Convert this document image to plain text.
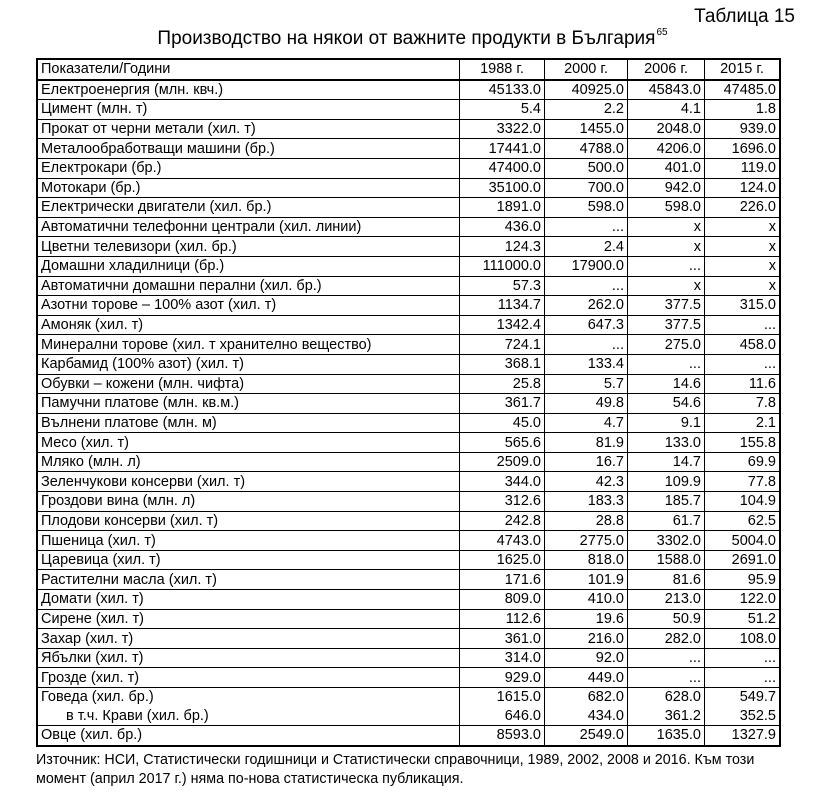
Таблица 15
Производство на някои от важните продукти в България$^{65}$
Показатели/Години	1988 г.	2000 г.	2006 г.	2015 г.
Електроенергия (млн. квч.)	45133.0	40925.0	45843.0	47485.0
Цимент (млн. т)	5.4	2.2	4.1	1.8
Прокат от черни метали (хил. т)	3322.0	1455.0	2048.0	939.0
Металообработващи машини (бр.)	17441.0	4788.0	4206.0	1696.0
Електрокари (бр.)	47400.0	500.0	401.0	119.0
Мотокари (бр.)	35100.0	700.0	942.0	124.0
Електрически двигатели (хил. бр.)	1891.0	598.0	598.0	226.0
Автоматични телефонни централи (хил. линии)	436.0	...	x	x
Цветни телевизори (хил. бр.)	124.3	2.4	x	x
Домашни хладилници (бр.)	111000.0	17900.0	...	x
Автоматични домашни перални (хил. бр.)	57.3	...	x	x
Азотни торове – 100% азот (хил. т)	1134.7	262.0	377.5	315.0
Амоняк (хил. т)	1342.4	647.3	377.5	...
Минерални торове (хил. т хранително вещество)	724.1	...	275.0	458.0
Карбамид (100% азот) (хил. т)	368.1	133.4	...	...
Обувки – кожени (млн. чифта)	25.8	5.7	14.6	11.6
Памучни платове (млн. кв.м.)	361.7	49.8	54.6	7.8
Вълнени платове (млн. м)	45.0	4.7	9.1	2.1
Месо (хил. т)	565.6	81.9	133.0	155.8
Мляко (млн. л)	2509.0	16.7	14.7	69.9
Зеленчукови консерви (хил. т)	344.0	42.3	109.9	77.8
Гроздови вина (млн. л)	312.6	183.3	185.7	104.9
Плодови консерви (хил. т)	242.8	28.8	61.7	62.5
Пшеница (хил. т)	4743.0	2775.0	3302.0	5004.0
Царевица (хил. т)	1625.0	818.0	1588.0	2691.0
Растителни масла (хил. т)	171.6	101.9	81.6	95.9
Домати (хил. т)	809.0	410.0	213.0	122.0
Сирене (хил. т)	112.6	19.6	50.9	51.2
Захар (хил. т)	361.0	216.0	282.0	108.0
Ябълки (хил. т)	314.0	92.0	...	...
Грозде (хил. т)	929.0	449.0	...	...
Говеда (хил. бр.)	1615.0	682.0	628.0	549.7
в т.ч. Крави (хил. бр.)	646.0	434.0	361.2	352.5
Овце (хил. бр.)	8593.0	2549.0	1635.0	1327.9
Източник: НСИ, Статистически годишници и Статистически справочници, 1989, 2002, 2008 и 2016. Към този момент (април 2017 г.) няма по-нова статистическа публикация.
